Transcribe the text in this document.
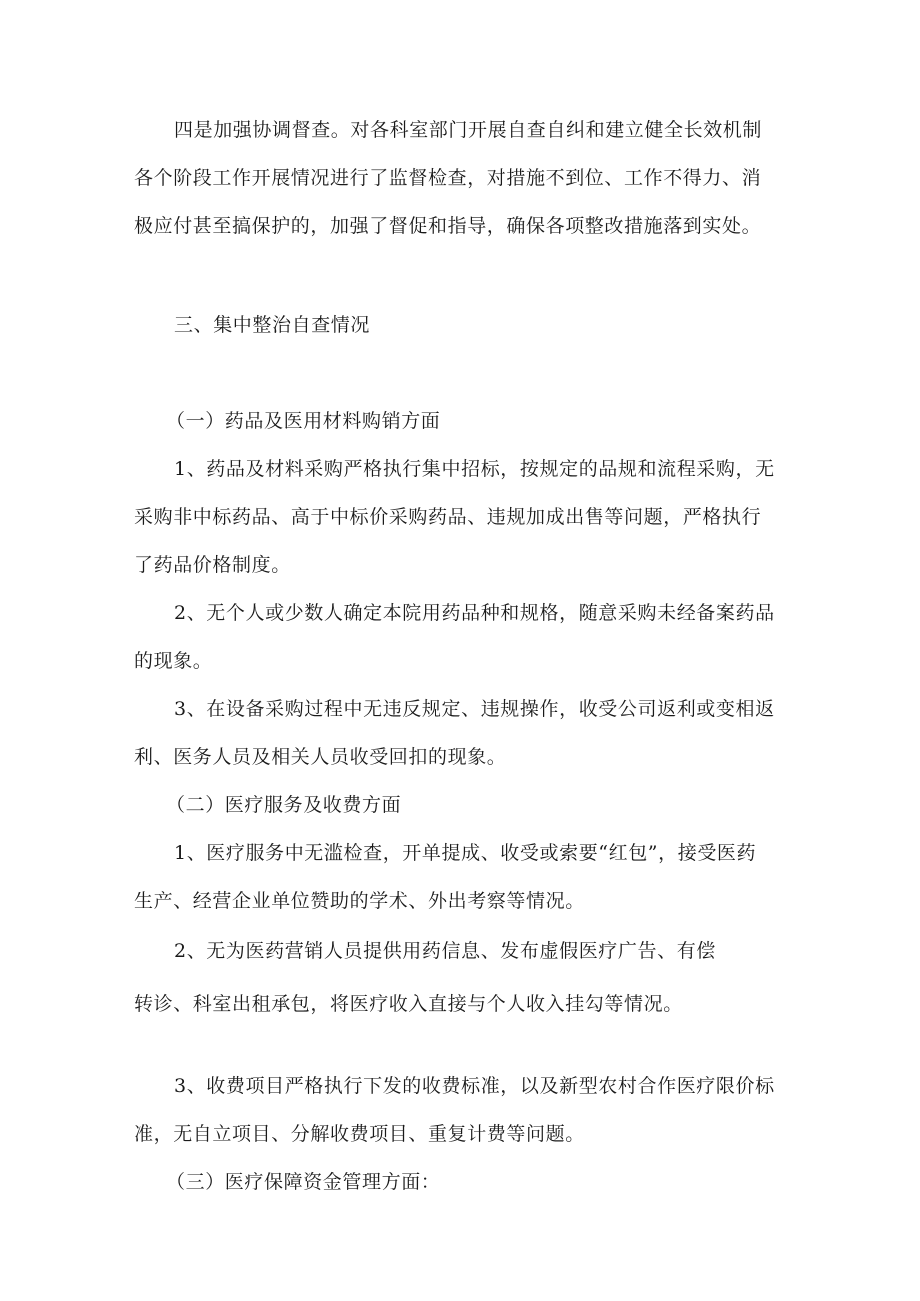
四是加强协调督查。对各科室部门开展自查自纠和建立健全长效机制
各个阶段工作开展情况进行了监督检查，对措施不到位、工作不得力、消
极应付甚至搞保护的，加强了督促和指导，确保各项整改措施落到实处。
三、集中整治自查情况
（一）药品及医用材料购销方面
1、药品及材料采购严格执行集中招标，按规定的品规和流程采购，无
采购非中标药品、高于中标价采购药品、违规加成出售等问题，严格执行
了药品价格制度。
2、无个人或少数人确定本院用药品种和规格，随意采购未经备案药品
的现象。
3、在设备采购过程中无违反规定、违规操作，收受公司返利或变相返
利、医务人员及相关人员收受回扣的现象。
（二）医疗服务及收费方面
1、医疗服务中无滥检查，开单提成、收受或索要“红包”，接受医药
生产、经营企业单位赞助的学术、外出考察等情况。
2、无为医药营销人员提供用药信息、发布虚假医疗广告、有偿
转诊、科室出租承包，将医疗收入直接与个人收入挂勾等情况。
3、收费项目严格执行下发的收费标准，以及新型农村合作医疗限价标
准，无自立项目、分解收费项目、重复计费等问题。
（三）医疗保障资金管理方面：
